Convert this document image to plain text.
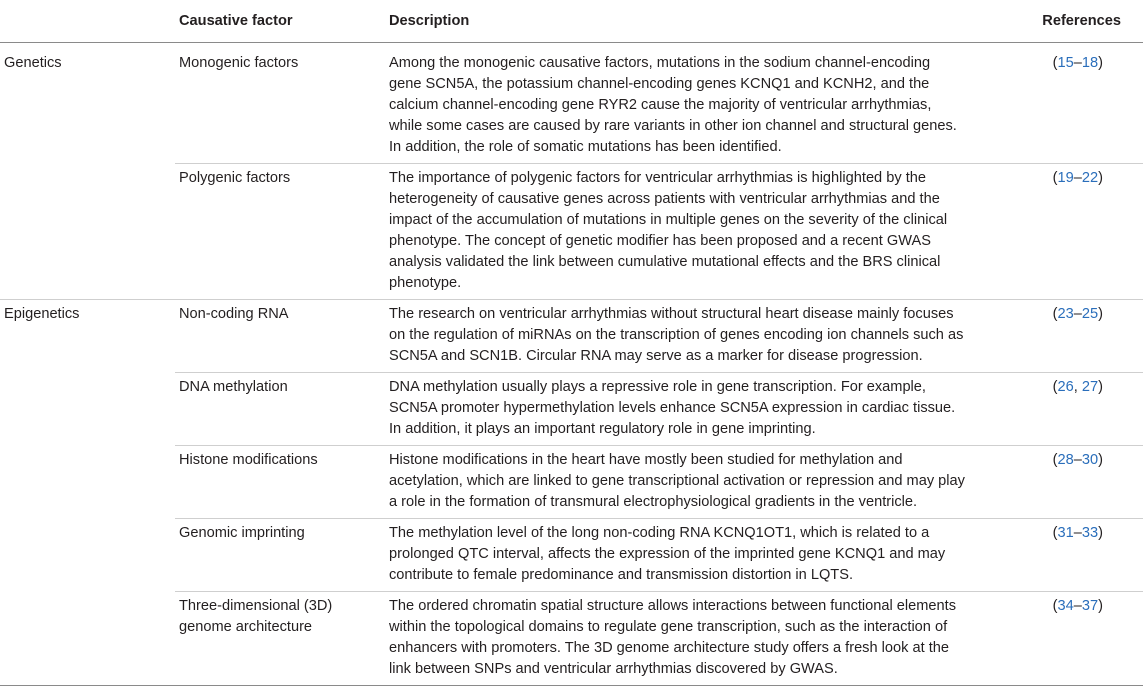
	Causative factor	Description	References
Genetics	Monogenic factors	Among the monogenic causative factors, mutations in the sodium channel-encoding gene SCN5A, the potassium channel-encoding genes KCNQ1 and KCNH2, and the calcium channel-encoding gene RYR2 cause the majority of ventricular arrhythmias, while some cases are caused by rare variants in other ion channel and structural genes. In addition, the role of somatic mutations has been identified.	(15–18)
	Polygenic factors	The importance of polygenic factors for ventricular arrhythmias is highlighted by the heterogeneity of causative genes across patients with ventricular arrhythmias and the impact of the accumulation of mutations in multiple genes on the severity of the clinical phenotype. The concept of genetic modifier has been proposed and a recent GWAS analysis validated the link between cumulative mutational effects and the BRS clinical phenotype.	(19–22)
Epigenetics	Non-coding RNA	The research on ventricular arrhythmias without structural heart disease mainly focuses on the regulation of miRNAs on the transcription of genes encoding ion channels such as SCN5A and SCN1B. Circular RNA may serve as a marker for disease progression.	(23–25)
	DNA methylation	DNA methylation usually plays a repressive role in gene transcription. For example, SCN5A promoter hypermethylation levels enhance SCN5A expression in cardiac tissue. In addition, it plays an important regulatory role in gene imprinting.	(26, 27)
	Histone modifications	Histone modifications in the heart have mostly been studied for methylation and acetylation, which are linked to gene transcriptional activation or repression and may play a role in the formation of transmural electrophysiological gradients in the ventricle.	(28–30)
	Genomic imprinting	The methylation level of the long non-coding RNA KCNQ1OT1, which is related to a prolonged QTC interval, affects the expression of the imprinted gene KCNQ1 and may contribute to female predominance and transmission distortion in LQTS.	(31–33)
	Three-dimensional (3D) genome architecture	The ordered chromatin spatial structure allows interactions between functional elements within the topological domains to regulate gene transcription, such as the interaction of enhancers with promoters. The 3D genome architecture study offers a fresh look at the link between SNPs and ventricular arrhythmias discovered by GWAS.	(34–37)
